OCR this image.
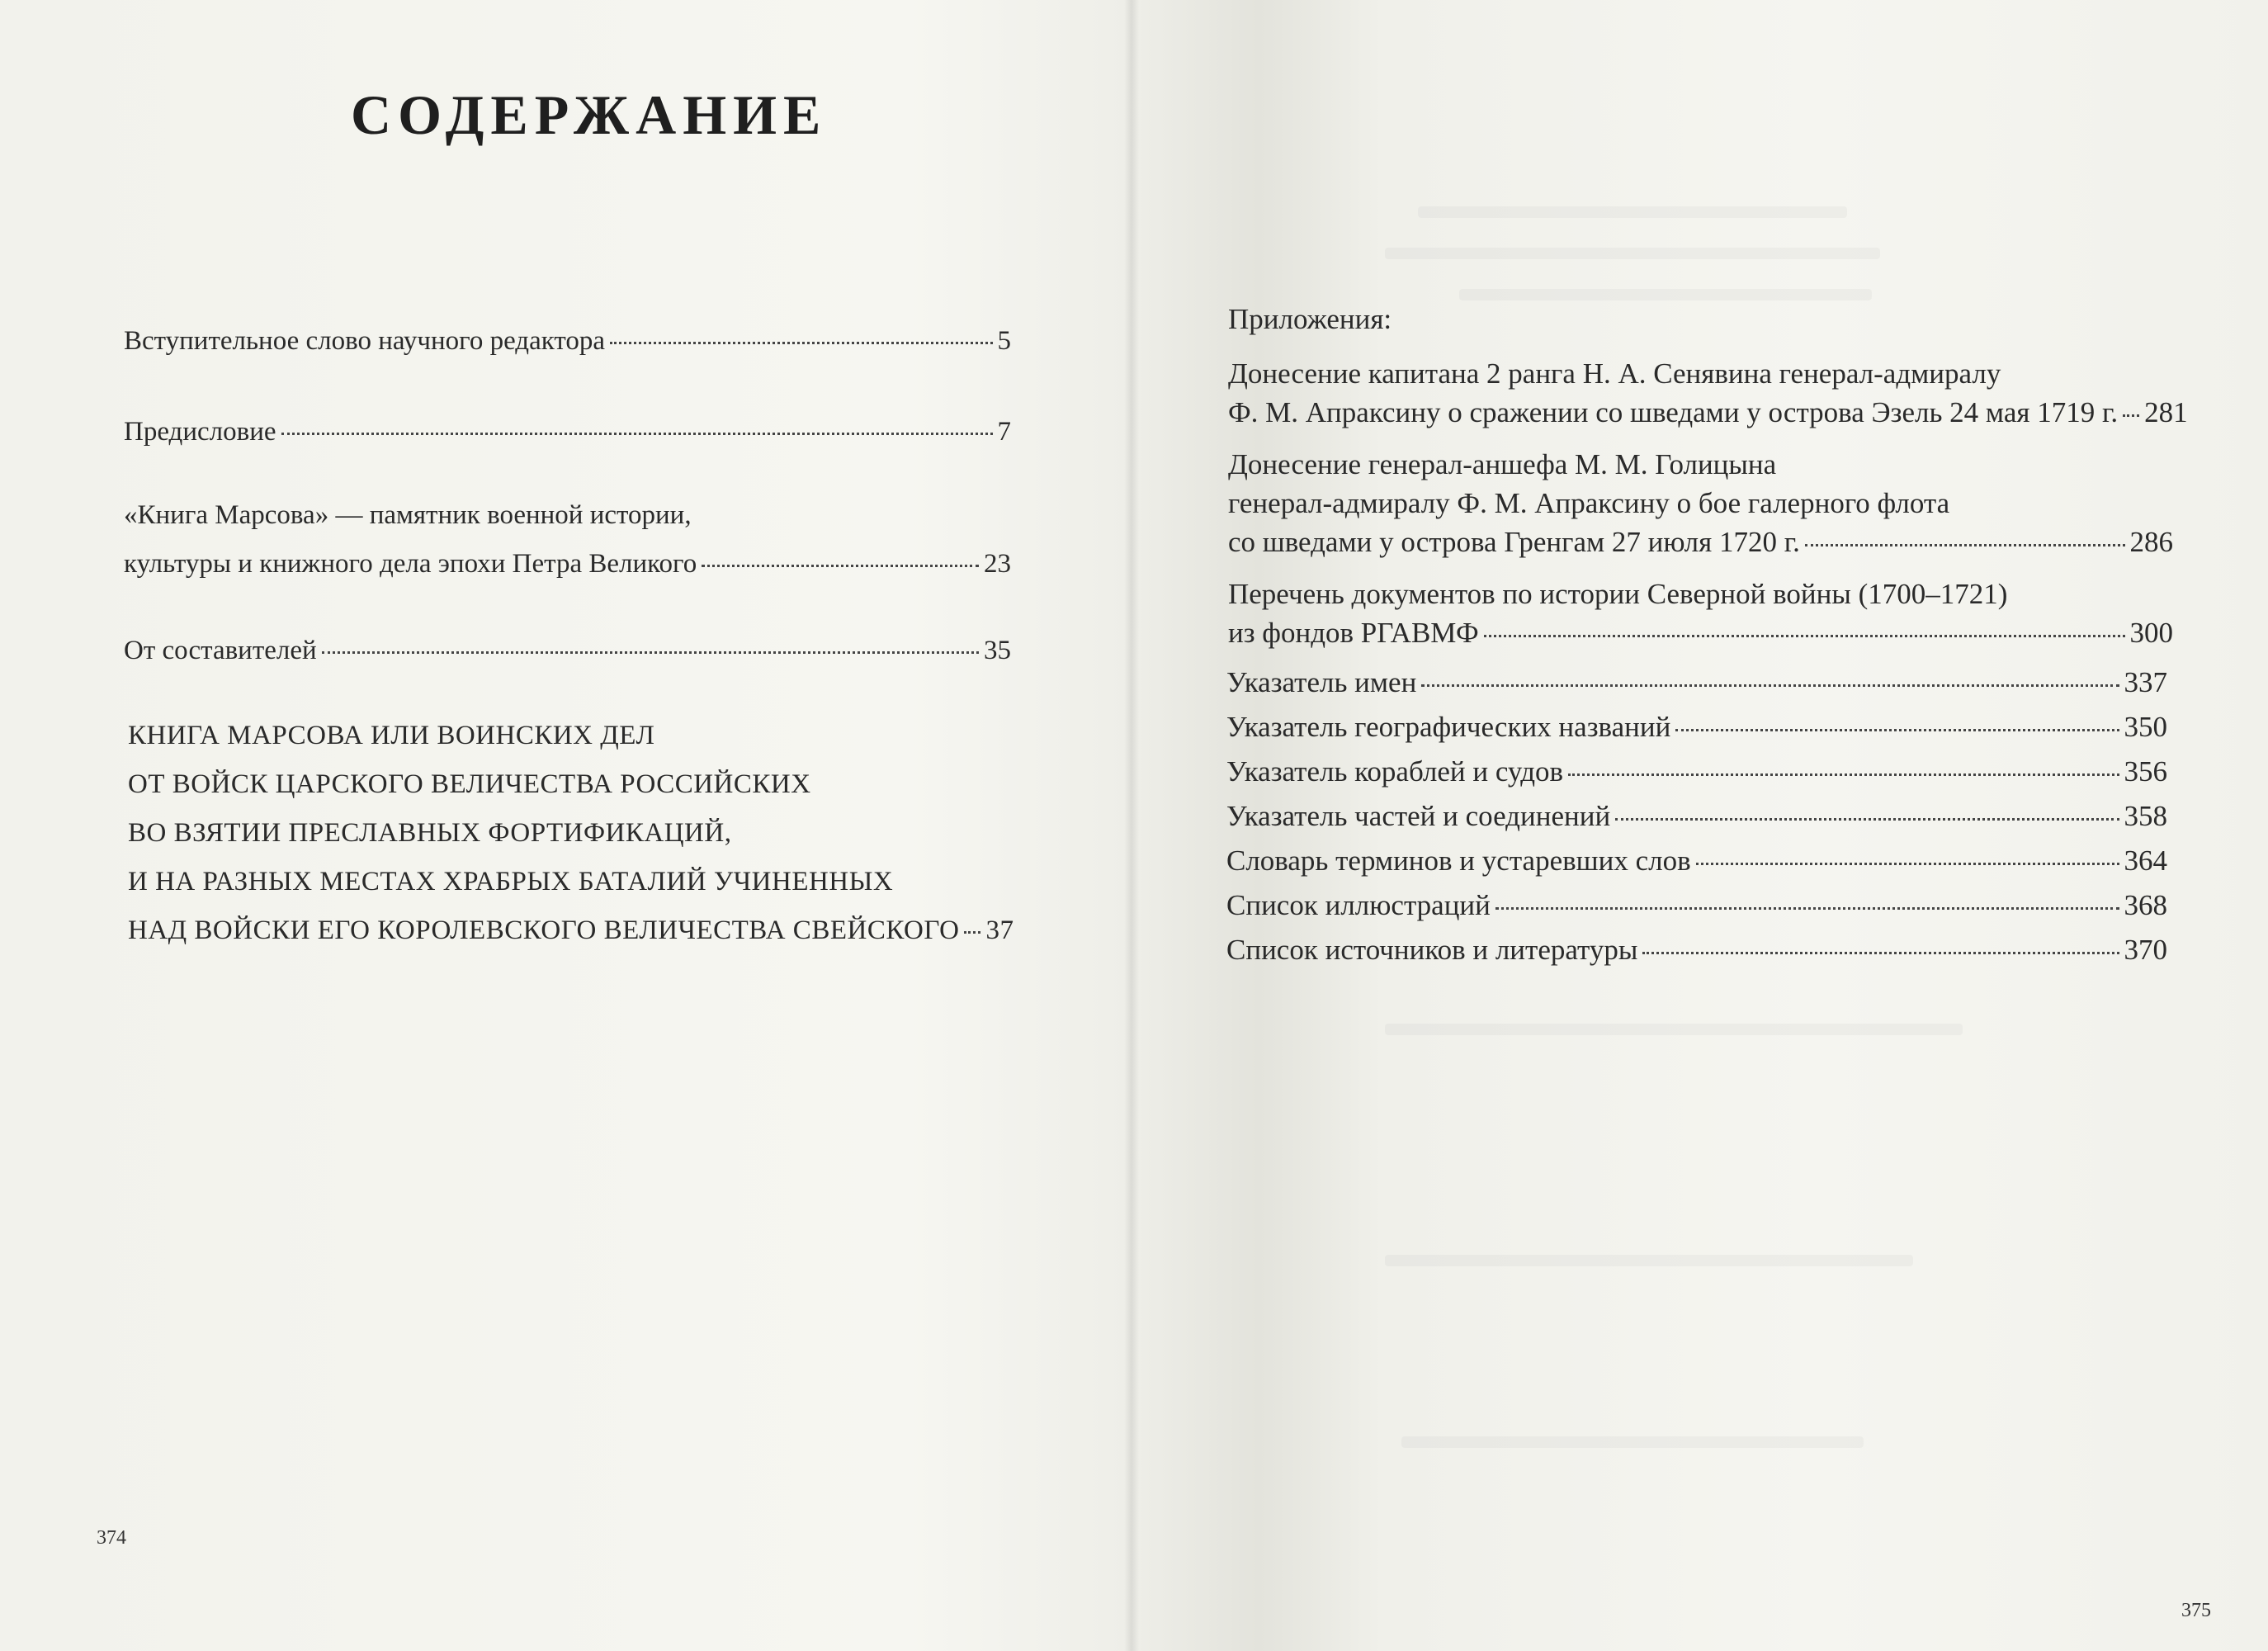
СОДЕРЖАНИЕ
Вступительное слово научного редактора	5
Предисловие	7
«Книга Марсова» — памятник военной истории,
культуры и книжного дела эпохи Петра Великого	23
От составителей	35
КНИГА МАРСОВА ИЛИ ВОИНСКИХ ДЕЛ
ОТ ВОЙСК ЦАРСКОГО ВЕЛИЧЕСТВА РОССИЙСКИХ
ВО ВЗЯТИИ ПРЕСЛАВНЫХ ФОРТИФИКАЦИЙ,
И НА РАЗНЫХ МЕСТАХ ХРАБРЫХ БАТАЛИЙ УЧИНЕННЫХ
НАД ВОЙСКИ ЕГО КОРОЛЕВСКОГО ВЕЛИЧЕСТВА СВЕЙСКОГО 37
374
Приложения:
Донесение капитана 2 ранга Н. А. Сенявина генерал-адмиралу
Ф. М. Апраксину о сражении со шведами у острова Эзель 24 мая 1719 г. 281
Донесение генерал-аншефа М. М. Голицына
генерал-адмиралу Ф. М. Апраксину о бое галерного флота
со шведами у острова Гренгам 27 июля 1720 г.	286
Перечень документов по истории Северной войны (1700–1721)
из фондов РГАВМФ	300
Указатель имен	337
Указатель географических названий	350
Указатель кораблей и судов	356
Указатель частей и соединений	358
Словарь терминов и устаревших слов	364
Список иллюстраций	368
Список источников и литературы	370
375
